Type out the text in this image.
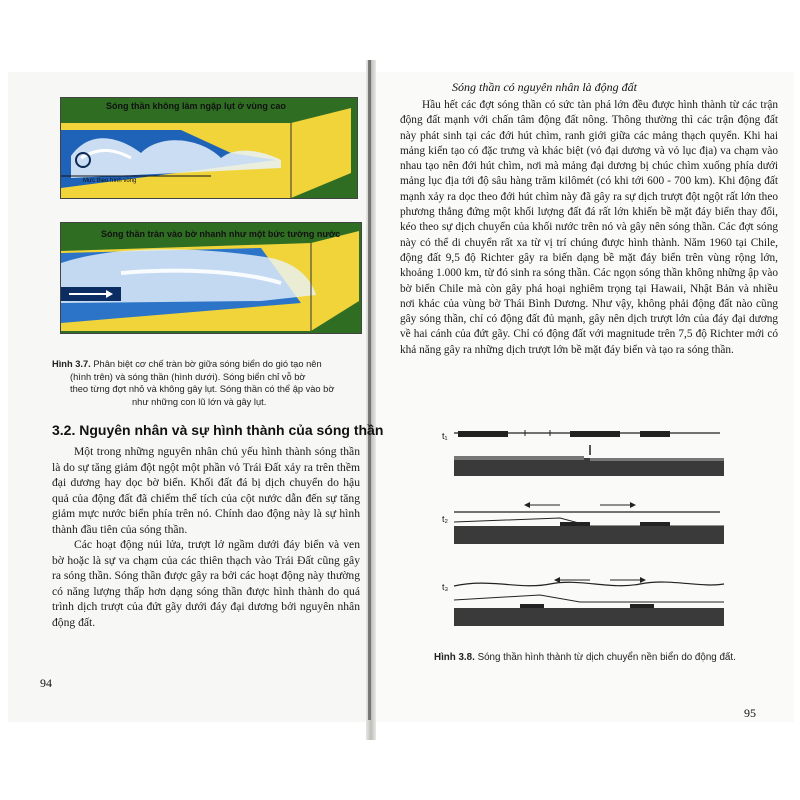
Sóng thần không làm ngập lụt ở vùng cao
Mực theo hình vòng
Sóng thần tràn vào bờ nhanh như một bức tường nước
Hình 3.7. Phân biệt cơ chế tràn bờ giữa sóng biển do gió tạo nên
(hình trên) và sóng thần (hình dưới). Sóng biển chỉ vỗ bờ
theo từng đợt nhỏ và không gây lụt. Sóng thần có thể ập vào bờ
như những con lũ lớn và gây lụt.
3.2. Nguyên nhân và sự hình thành của sóng thần

Một trong những nguyên nhân chủ yếu hình thành sóng thần là do sự tăng giảm đột ngột một phần vỏ Trái Đất xảy ra trên thềm đại dương hay dọc bờ biển. Khối đất đá bị dịch chuyển do hậu quả của động đất đã chiếm thể tích của cột nước dẫn đến sự tăng giảm mực nước biển phía trên nó. Chính dao động này là sự hình thành đầu tiên của sóng thần.

Các hoạt động núi lửa, trượt lở ngầm dưới đáy biển và ven bờ hoặc là sự va chạm của các thiên thạch vào Trái Đất cũng gây ra sóng thần. Sóng thần được gây ra bởi các hoạt động này thường có năng lượng thấp hơn dạng sóng thần được hình thành do quá trình dịch trượt của đứt gãy dưới đáy đại dương bởi nguyên nhân động đất.

94
Sóng thần có nguyên nhân là động đất

Hầu hết các đợt sóng thần có sức tàn phá lớn đều được hình thành từ các trận động đất mạnh với chấn tâm động đất nông. Thông thường thì các trận động đất này phát sinh tại các đới hút chìm, ranh giới giữa các mảng thạch quyển. Khi hai mảng kiến tạo có đặc trưng và khác biệt (vỏ đại dương và vỏ lục địa) va chạm vào nhau tạo nên đới hút chìm, nơi mà mảng đại dương bị chúc chìm xuống phía dưới mảng lục địa tới độ sâu hàng trăm kilômét (có khi tới 600 - 700 km). Khi động đất mạnh xảy ra dọc theo đới hút chìm này đã gây ra sự dịch trượt đột ngột rất lớn theo phương thẳng đứng một khối lượng đất đá rất lớn khiến bề mặt đáy biển thay đổi, kéo theo sự dịch chuyển của khối nước trên nó và gây nên sóng thần. Các đợt sóng này có thể di chuyển rất xa từ vị trí chúng được hình thành. Năm 1960 tại Chile, động đất 9,5 độ Richter gây ra biến dạng bề mặt đáy biển trên vùng rộng lớn, khoảng 1.000 km, từ đó sinh ra sóng thần. Các ngọn sóng thần không những ập vào bờ biển Chile mà còn gây phá hoại nghiêm trọng tại Hawaii, Nhật Bản và nhiều nơi khác của vùng bờ Thái Bình Dương. Như vậy, không phải động đất nào cũng gây sóng thần, chỉ có động đất đủ mạnh, gây nên dịch trượt lớn của đáy đại dương về hai cánh của đứt gãy. Chỉ có động đất với magnitude trên 7,5 độ Richter mới có khả năng gây ra những dịch trượt lớn bề mặt đáy biển và tạo ra sóng thần.

t₁
t₂
t₃
Hình 3.8. Sóng thần hình thành từ dịch chuyển nền biển do động đất.
95
